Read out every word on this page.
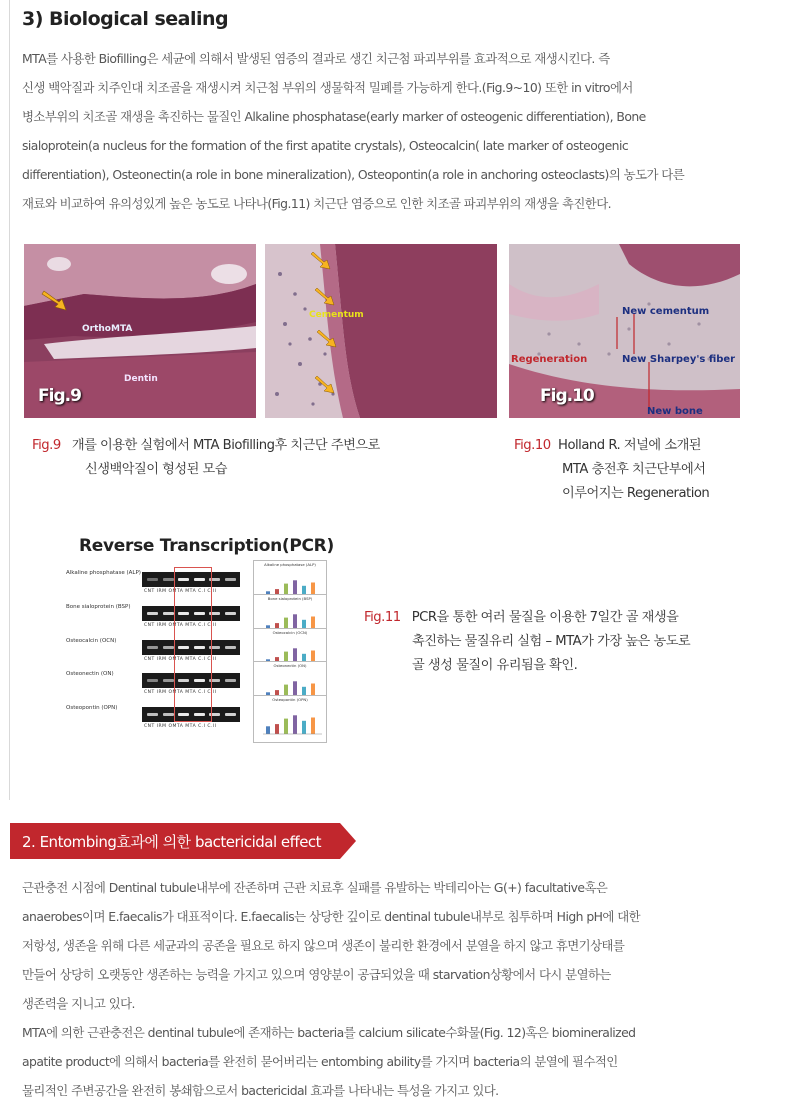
3) Biological sealing
MTA를 사용한 Biofilling은 세균에 의해서 발생된 염증의 결과로 생긴 치근첨 파괴부위를 효과적으로 재생시킨다. 즉
신생 백악질과 치주인대 치조골을 재생시켜 치근첨 부위의 생물학적 밀폐를 가능하게 한다.(Fig.9~10) 또한 in vitro에서
병소부위의 치조골 재생을 촉진하는 물질인 Alkaline phosphatase(early marker of osteogenic differentiation), Bone
sialoprotein(a nucleus for the formation of the first apatite crystals), Osteocalcin( late marker of osteogenic
differentiation), Osteonectin(a role in bone mineralization), Osteopontin(a role in anchoring osteoclasts)의 농도가 다른
재료와 비교하여 유의성있게 높은 농도로 나타나(Fig.11) 치근단 염증으로 인한 치조골 파괴부위의 재생을 촉진한다.
OrthoMTA
Dentin
Fig.9
Cementum	New cementum
Regeneration	New Sharpey's fiber
New bone
Fig.10
Fig.9 개를 이용한 실험에서 MTA Biofilling후 치근단 주변으로
신생백악질이 형성된 모습
Fig.10 Holland R. 저널에 소개된
MTA 충전후 치근단부에서
이루어지는 Regeneration
Reverse Transcription(PCR)
Alkaline phosphatase (ALP)
CNT IRM OMTA MTA C.I C.II
Alkaline phosphatase (ALP)
Bone sialoprotein (BSP)
CNT IRM OMTA MTA C.I C.II
Bone sialoprotein (BSP)
Osteocalcin (OCN)
CNT IRM OMTA MTA C.I C.II
Osteocalcin (OCN)
Osteonectin (ON)
CNT IRM OMTA MTA C.I C.II
Osteonectin (ON)
Osteopontin (OPN)
CNT IRM OMTA MTA C.I C.II
Osteopontin (OPN)
Fig.11 PCR을 통한 여러 물질을 이용한 7일간 골 재생을
촉진하는 물질유리 실험 – MTA가 가장 높은 농도로
골 생성 물질이 유리됨을 확인.
2. Entombing효과에 의한 bactericidal effect
근관충전 시점에 Dentinal tubule내부에 잔존하며 근관 치료후 실패를 유발하는 박테리아는 G(+) facultative혹은
anaerobes이며 E.faecalis가 대표적이다. E.faecalis는 상당한 깊이로 dentinal tubule내부로 침투하며 High pH에 대한
저항성, 생존을 위해 다른 세균과의 공존을 필요로 하지 않으며 생존이 불리한 환경에서 분열을 하지 않고 휴면기상태를
만들어 상당히 오랫동안 생존하는 능력을 가지고 있으며 영양분이 공급되었을 때 starvation상황에서 다시 분열하는
생존력을 지니고 있다.
MTA에 의한 근관충전은 dentinal tubule에 존재하는 bacteria를 calcium silicate수화물(Fig. 12)혹은 biomineralized
apatite product에 의해서 bacteria를 완전히 묻어버리는 entombing ability를 가지며 bacteria의 분열에 필수적인
물리적인 주변공간을 완전히 봉쇄함으로서 bactericidal 효과를 나타내는 특성을 가지고 있다.
